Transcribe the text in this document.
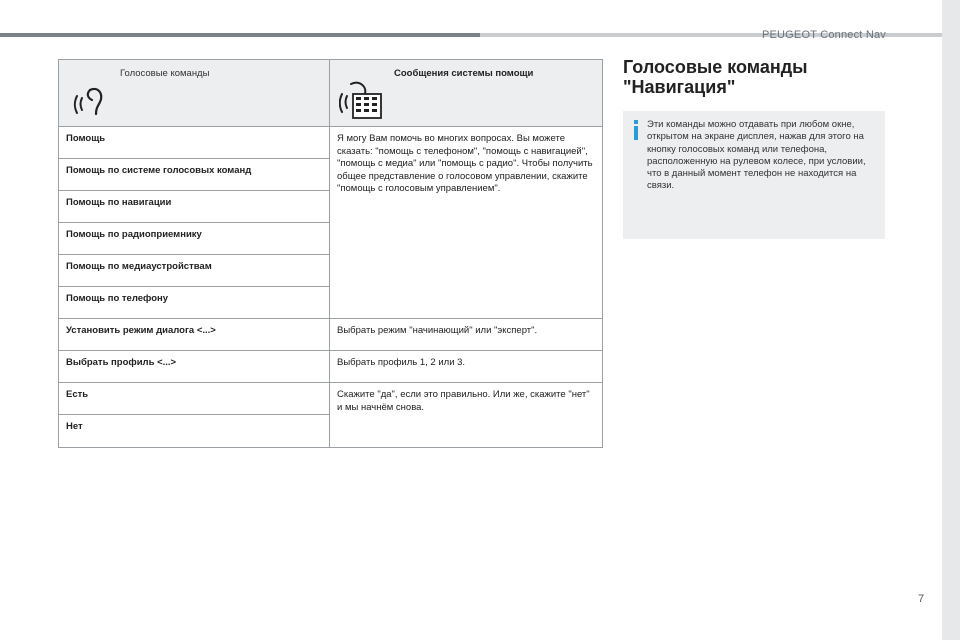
PEUGEOT Connect Nav
7
Голосовые команды	Сообщения системы помощи

Помощь	Я могу Вам помочь во многих вопросах. Вы можете сказать: "помощь с телефоном", "помощь с навигацией", "помощь с медиа" или "помощь с радио". Чтобы получить общее представление о голосовом управлении, скажите "помощь с голосовым управлением".
Помощь по системе голосовых команд	
Помощь по навигации	
Помощь по радиоприемнику	
Помощь по медиаустройствам	
Помощь по телефону	
Установить режим диалога <...>	Выбрать режим "начинающий" или "эксперт".
Выбрать профиль <...>	Выбрать профиль 1, 2 или 3.
Есть	Скажите "да", если это правильно. Или же, скажите "нет" и мы начнём снова.
Нет	
Голосовые команды
"Навигация"
Эти команды можно отдавать при любом окне, открытом на экране дисплея, нажав для этого на кнопку голосовых команд или телефона, расположенную на рулевом колесе, при условии, что в данный момент телефон не находится на связи.
